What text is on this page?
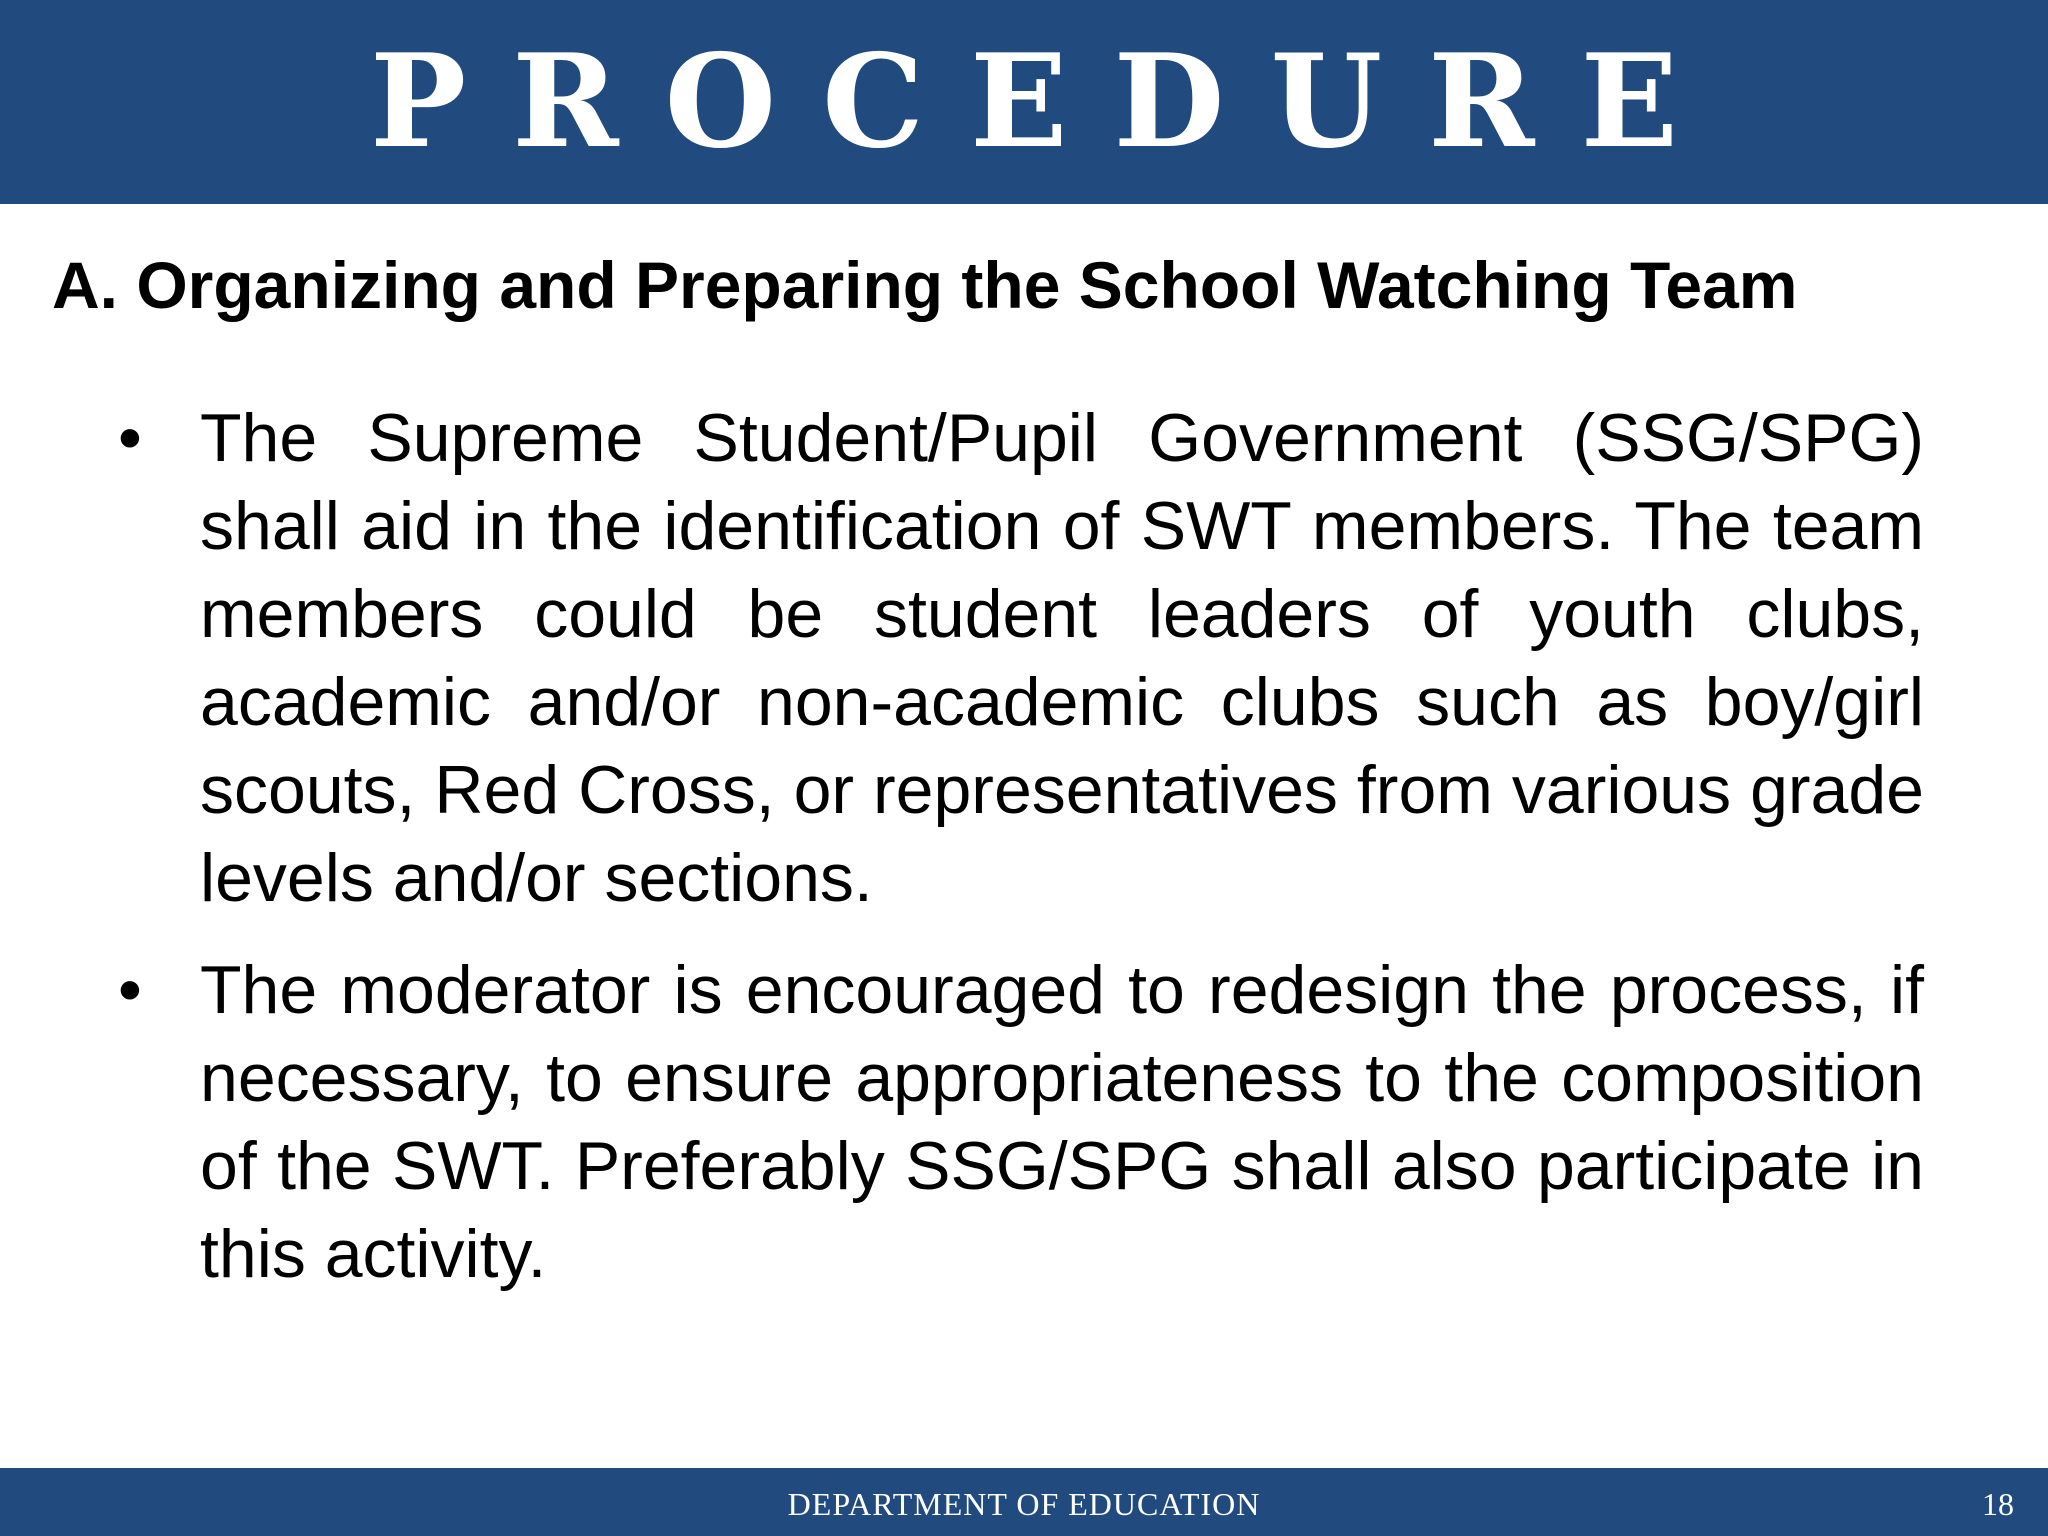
PROCEDURE
A. Organizing and Preparing the School Watching Team
• The Supreme Student/Pupil Government (SSG/SPG) shall aid in the identification of SWT members. The team members could be student leaders of youth clubs, academic and/or non-academic clubs such as boy/girl scouts, Red Cross, or representatives from various grade levels and/or sections.
• The moderator is encouraged to redesign the process, if necessary, to ensure appropriateness to the composition of the SWT. Preferably SSG/SPG shall also participate in this activity.
DEPARTMENT OF EDUCATION	18
